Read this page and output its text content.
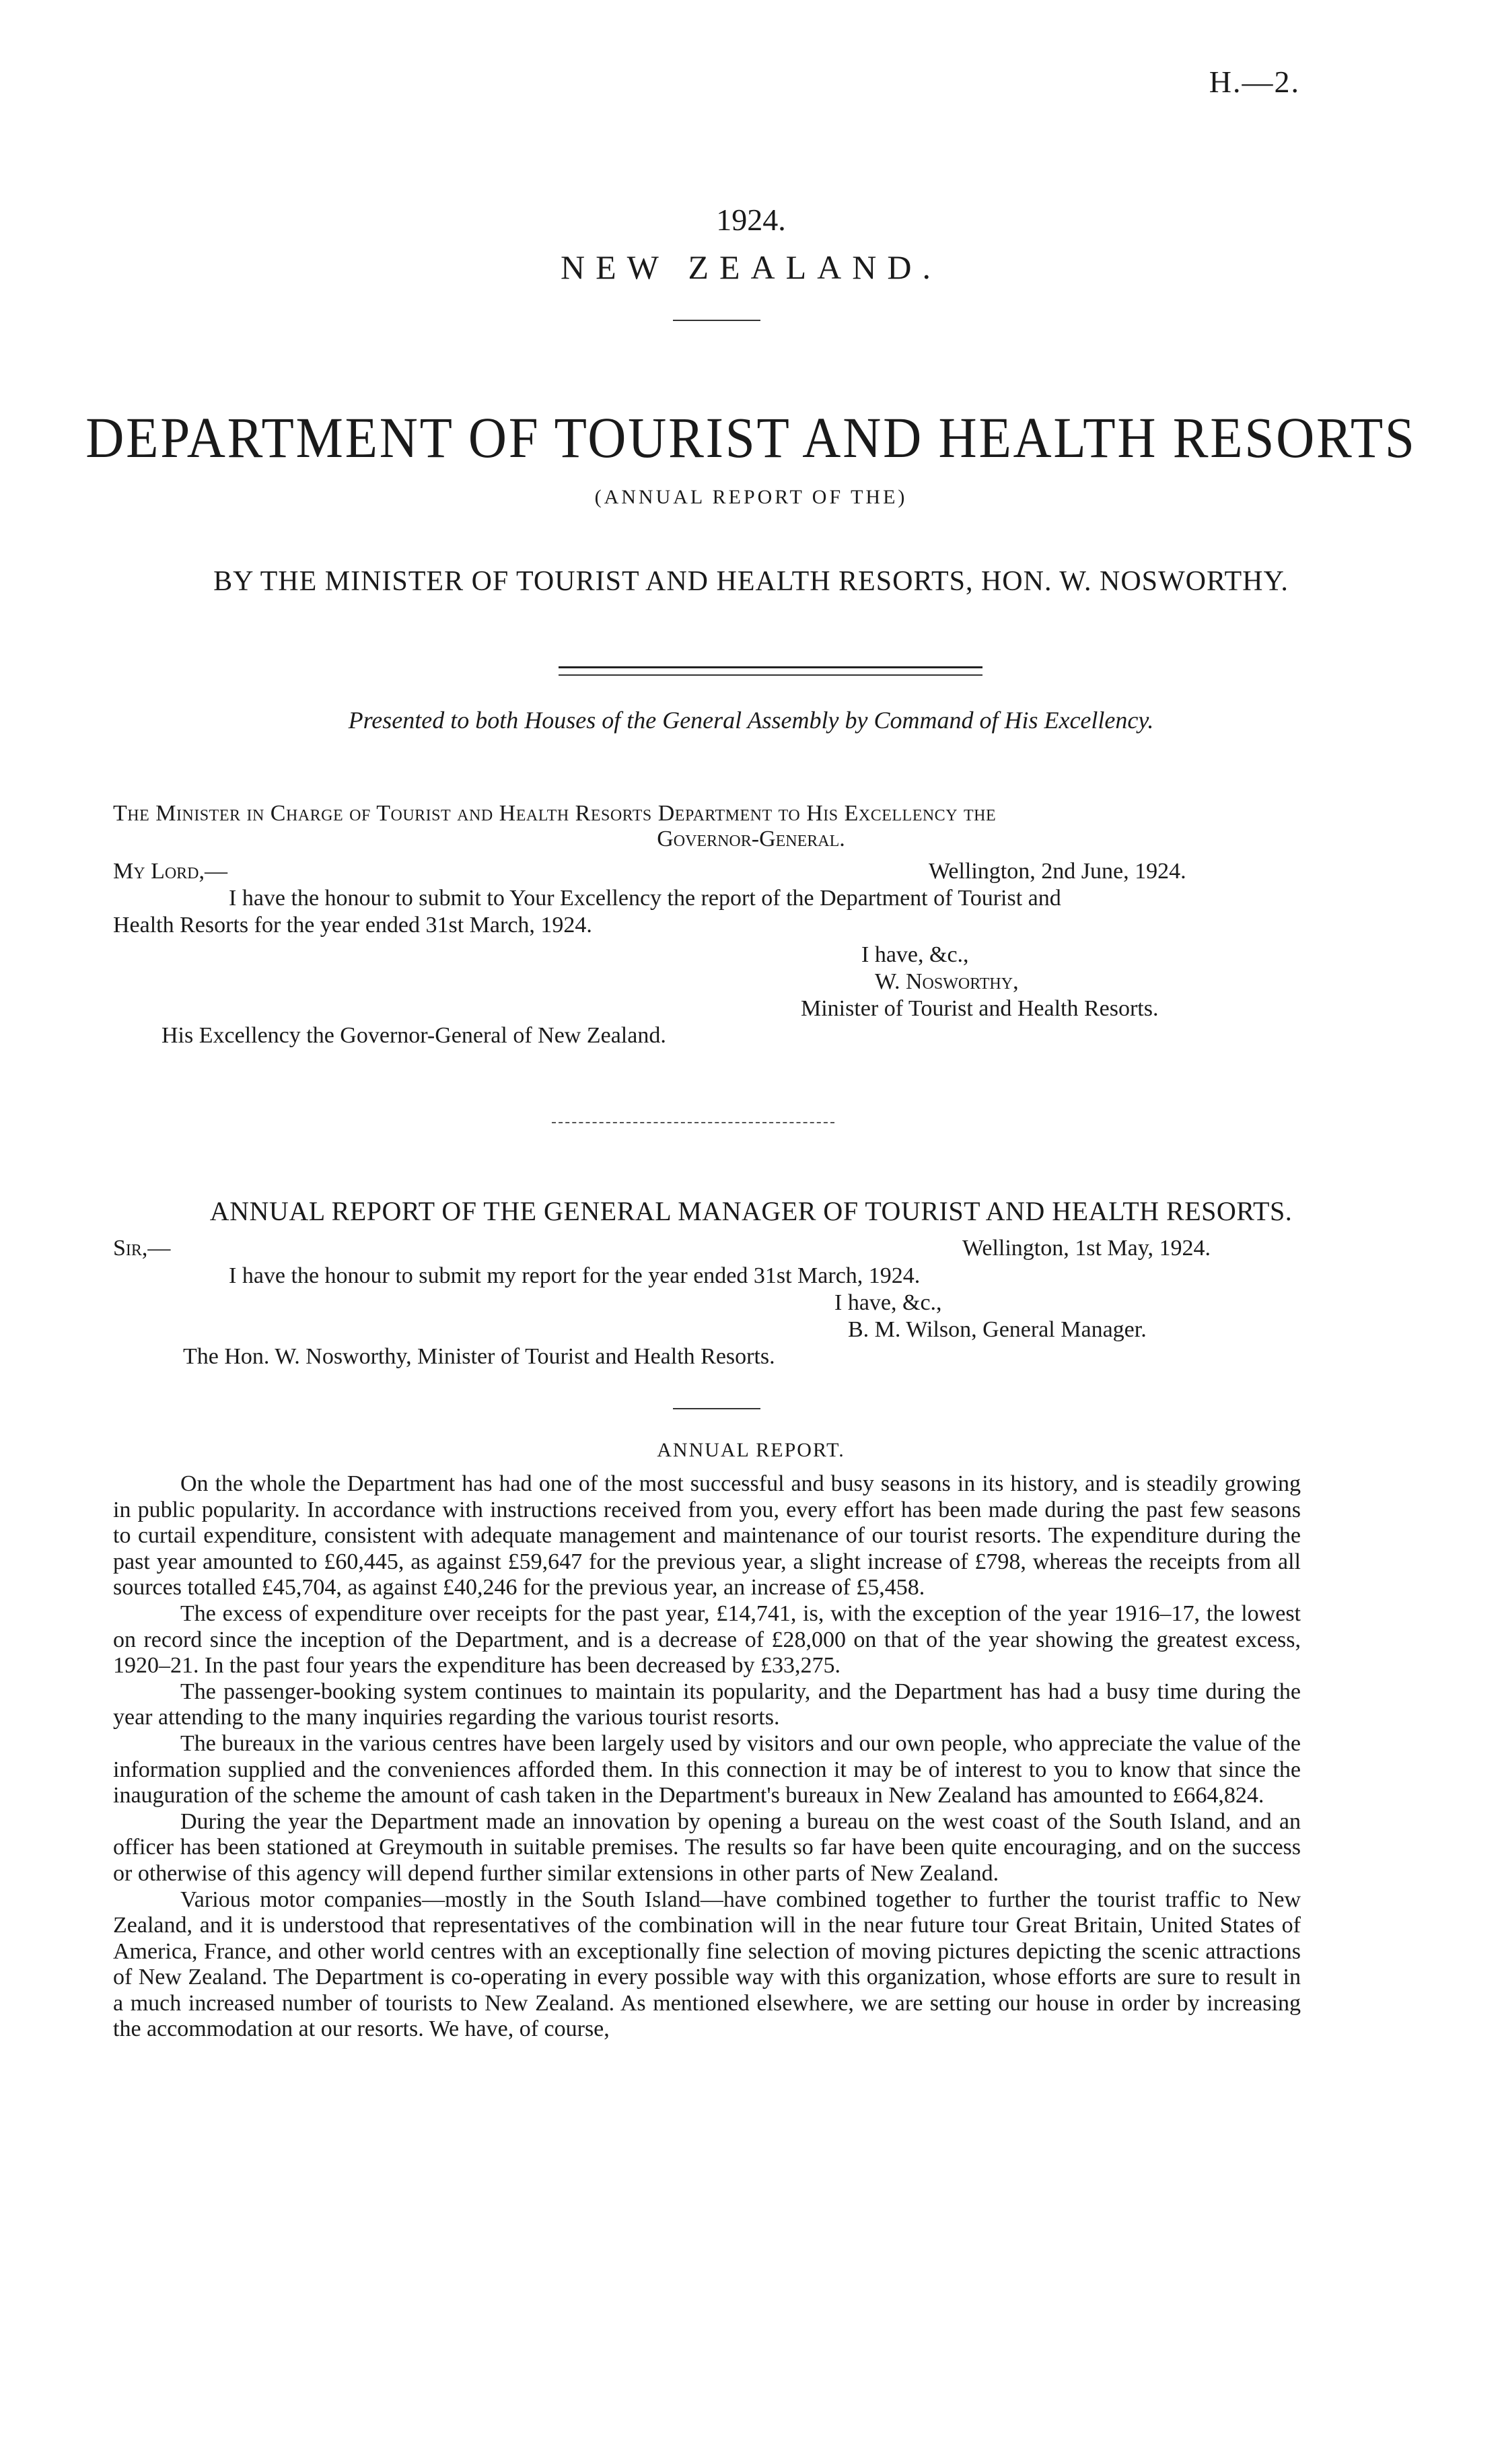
H.—2.
1924.
NEW ZEALAND.
DEPARTMENT OF TOURIST AND HEALTH RESORTS
(ANNUAL REPORT OF THE)
BY THE MINISTER OF TOURIST AND HEALTH RESORTS, HON. W. NOSWORTHY.
Presented to both Houses of the General Assembly by Command of His Excellency.
The Minister in Charge of Tourist and Health Resorts Department to His Excellency the
Governor-General.
My Lord,—	Wellington, 2nd June, 1924.
I have the honour to submit to Your Excellency the report of the Department of Tourist and
Health Resorts for the year ended 31st March, 1924.
I have, &c.,
W. Nosworthy,
Minister of Tourist and Health Resorts.
His Excellency the Governor-General of New Zealand.
ANNUAL REPORT OF THE GENERAL MANAGER OF TOURIST AND HEALTH RESORTS.
Sir,—	Wellington, 1st May, 1924.
I have the honour to submit my report for the year ended 31st March, 1924.
I have, &c.,
B. M. Wilson, General Manager.
The Hon. W. Nosworthy, Minister of Tourist and Health Resorts.
ANNUAL REPORT.

On the whole the Department has had one of the most successful and busy seasons in its history, and is steadily growing in public popularity. In accordance with instructions received from you, every effort has been made during the past few seasons to curtail expenditure, consistent with adequate management and maintenance of our tourist resorts. The expenditure during the past year amounted to £60,445, as against £59,647 for the previous year, a slight increase of £798, whereas the receipts from all sources totalled £45,704, as against £40,246 for the previous year, an increase of £5,458.

The excess of expenditure over receipts for the past year, £14,741, is, with the exception of the year 1916–17, the lowest on record since the inception of the Department, and is a decrease of £28,000 on that of the year showing the greatest excess, 1920–21. In the past four years the expenditure has been decreased by £33,275.

The passenger-booking system continues to maintain its popularity, and the Department has had a busy time during the year attending to the many inquiries regarding the various tourist resorts.

The bureaux in the various centres have been largely used by visitors and our own people, who appreciate the value of the information supplied and the conveniences afforded them. In this connection it may be of interest to you to know that since the inauguration of the scheme the amount of cash taken in the Department's bureaux in New Zealand has amounted to £664,824.

During the year the Department made an innovation by opening a bureau on the west coast of the South Island, and an officer has been stationed at Greymouth in suitable premises. The results so far have been quite encouraging, and on the success or otherwise of this agency will depend further similar extensions in other parts of New Zealand.

Various motor companies—mostly in the South Island—have combined together to further the tourist traffic to New Zealand, and it is understood that representatives of the combination will in the near future tour Great Britain, United States of America, France, and other world centres with an exceptionally fine selection of moving pictures depicting the scenic attractions of New Zealand. The Department is co-operating in every possible way with this organization, whose efforts are sure to result in a much increased number of tourists to New Zealand. As mentioned elsewhere, we are setting our house in order by increasing the accommodation at our resorts. We have, of course,
